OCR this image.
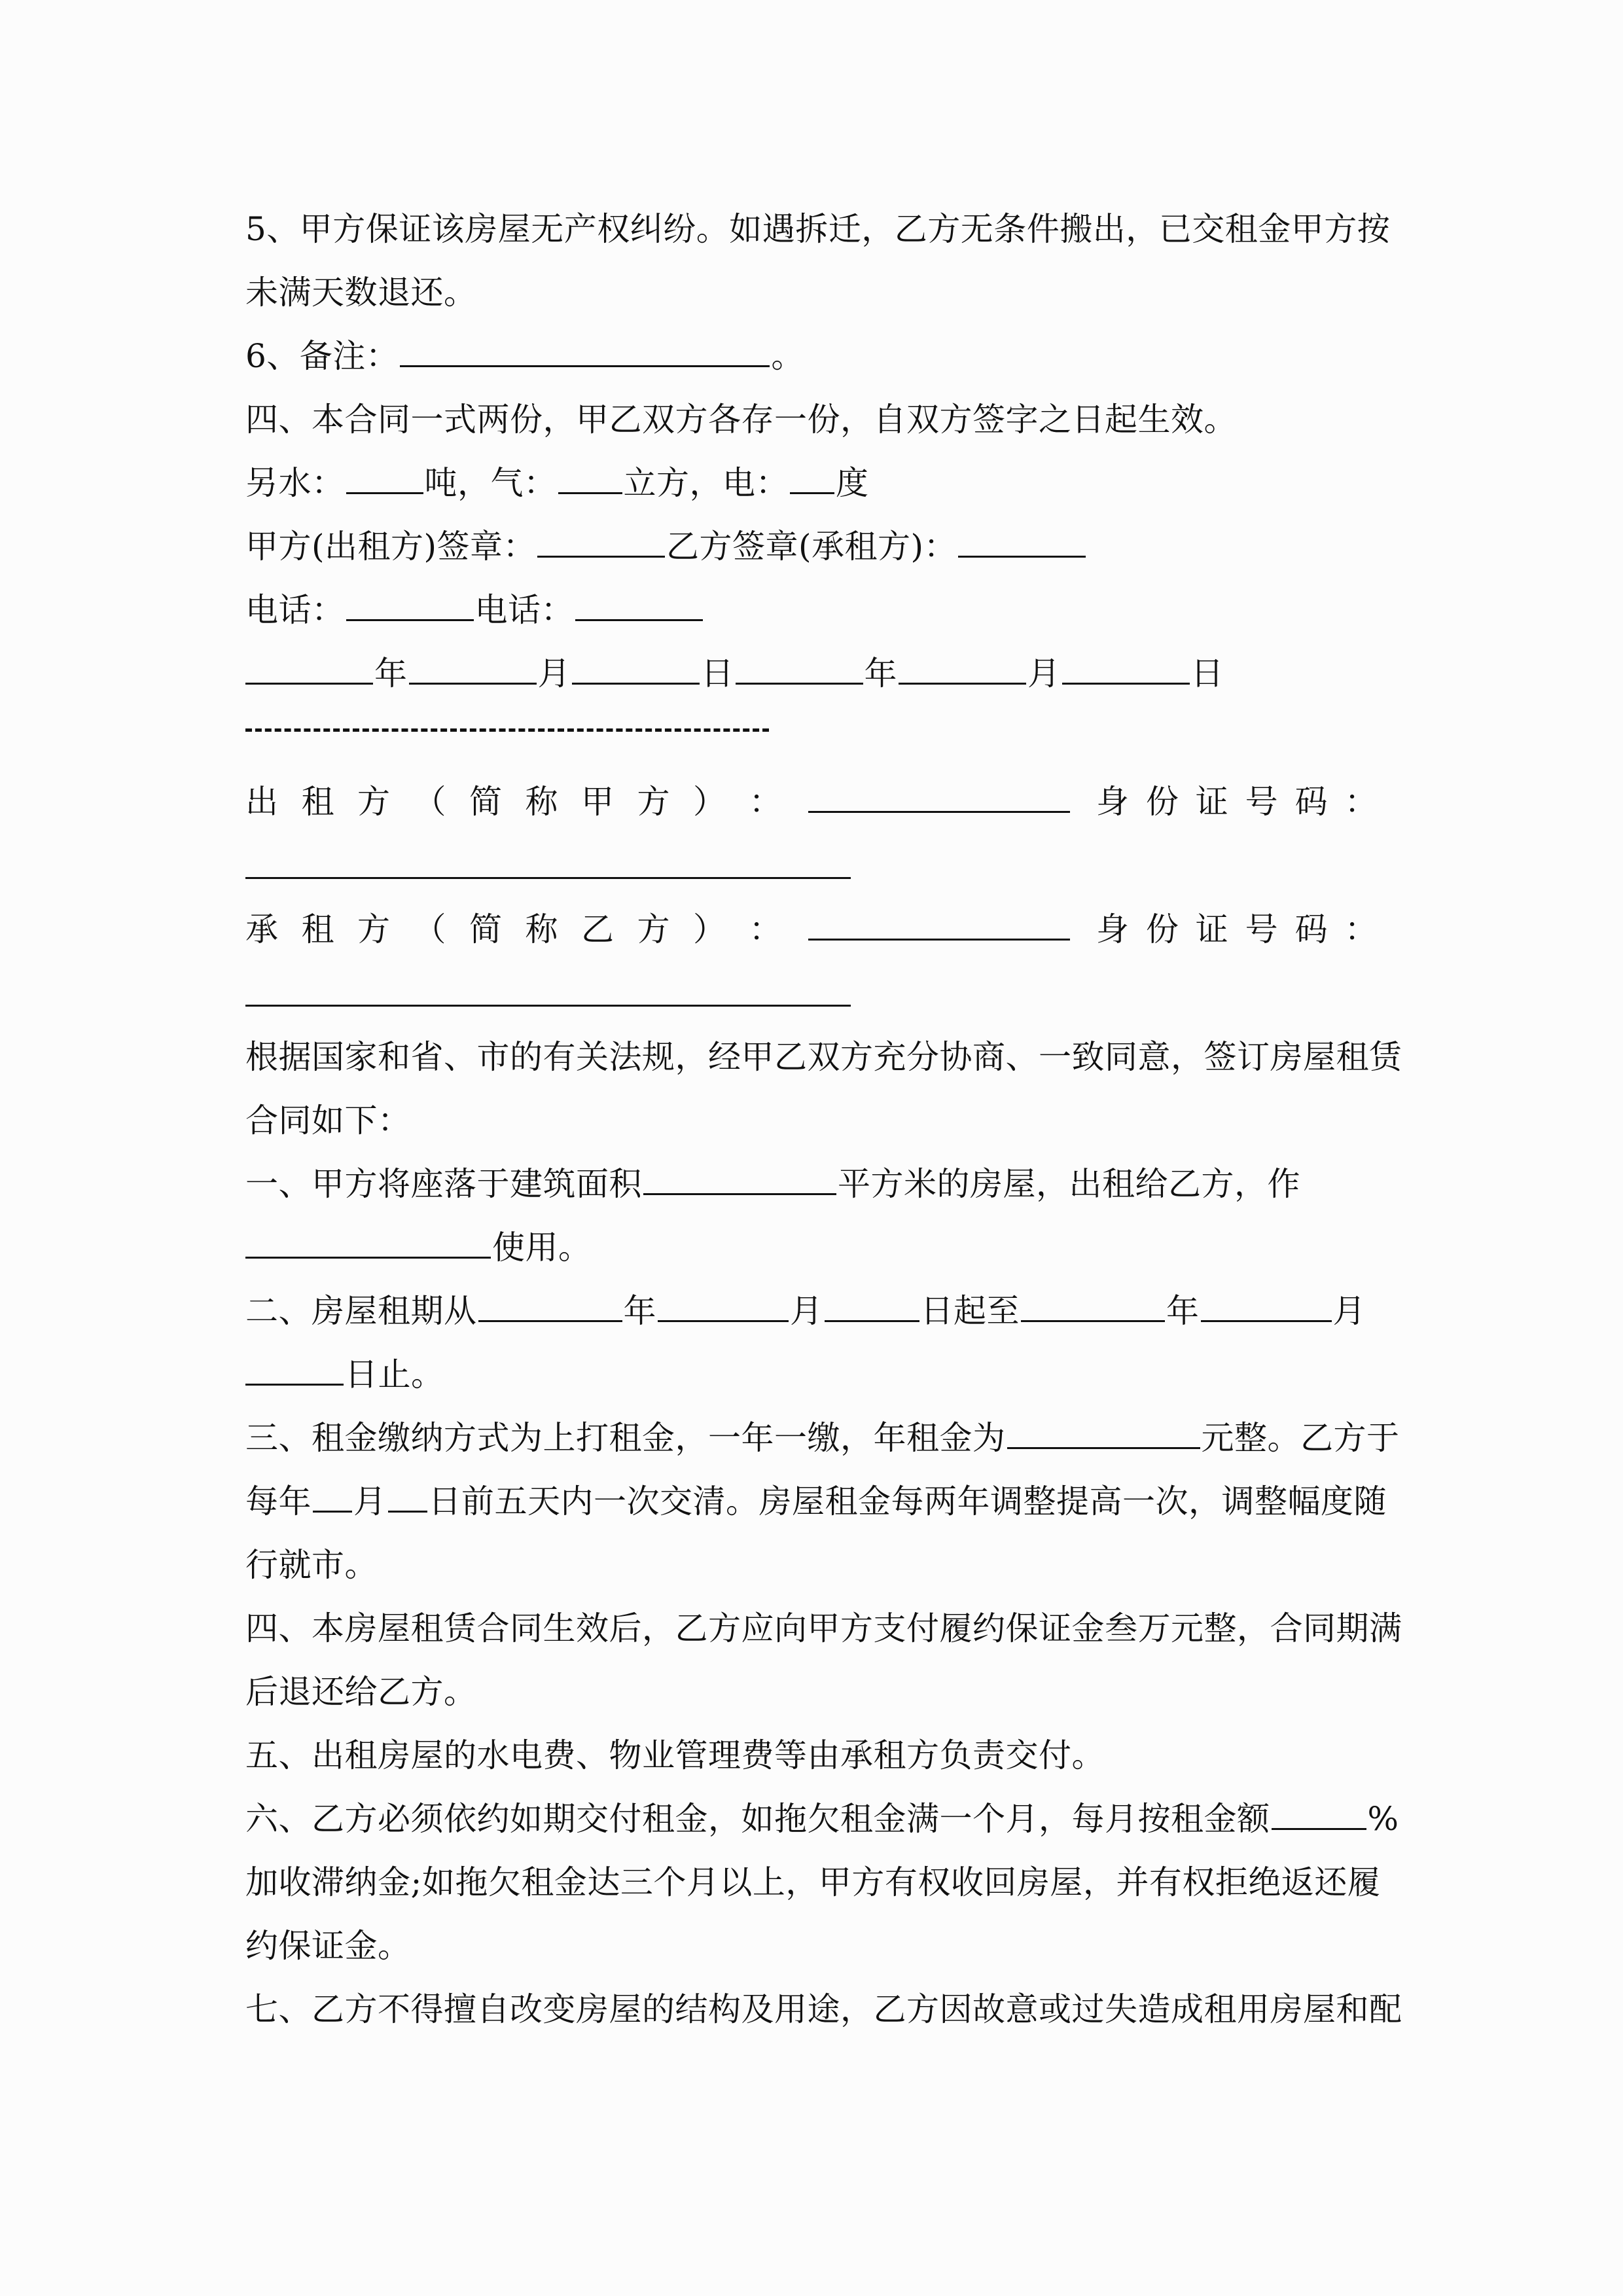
5、甲方保证该房屋无产权纠纷。如遇拆迁，乙方无条件搬出，已交租金甲方按
未满天数退还。
6、备注：	。
四、本合同一式两份，甲乙双方各存一份，自双方签字之日起生效。
另水： 吨，气： 立方，电： 度
甲方(出租方)签章：	乙方签章(承租方)：
电话：	电话：
年	月	日	年	月	日
出 租 方 （ 简 称 甲 方 ） ：	身 份 证 号 码 ：
承 租 方 （ 简 称 乙 方 ） ：	身 份 证 号 码 ：
根据国家和省、市的有关法规，经甲乙双方充分协商、一致同意，签订房屋租赁
合同如下：
一、甲方将座落于建筑面积	平方米的房屋，出租给乙方，作
使用。
二、房屋租期从	年	月	日起至	年	月
日止。
三、租金缴纳方式为上打租金，一年一缴，年租金为	元整。乙方于
每年 月 日前五天内一次交清。房屋租金每两年调整提高一次，调整幅度随
行就市。
四、本房屋租赁合同生效后，乙方应向甲方支付履约保证金叁万元整，合同期满
后退还给乙方。
五、出租房屋的水电费、物业管理费等由承租方负责交付。
六、乙方必须依约如期交付租金，如拖欠租金满一个月，每月按租金额	%
加收滞纳金;如拖欠租金达三个月以上，甲方有权收回房屋，并有权拒绝返还履
约保证金。
七、乙方不得擅自改变房屋的结构及用途，乙方因故意或过失造成租用房屋和配
